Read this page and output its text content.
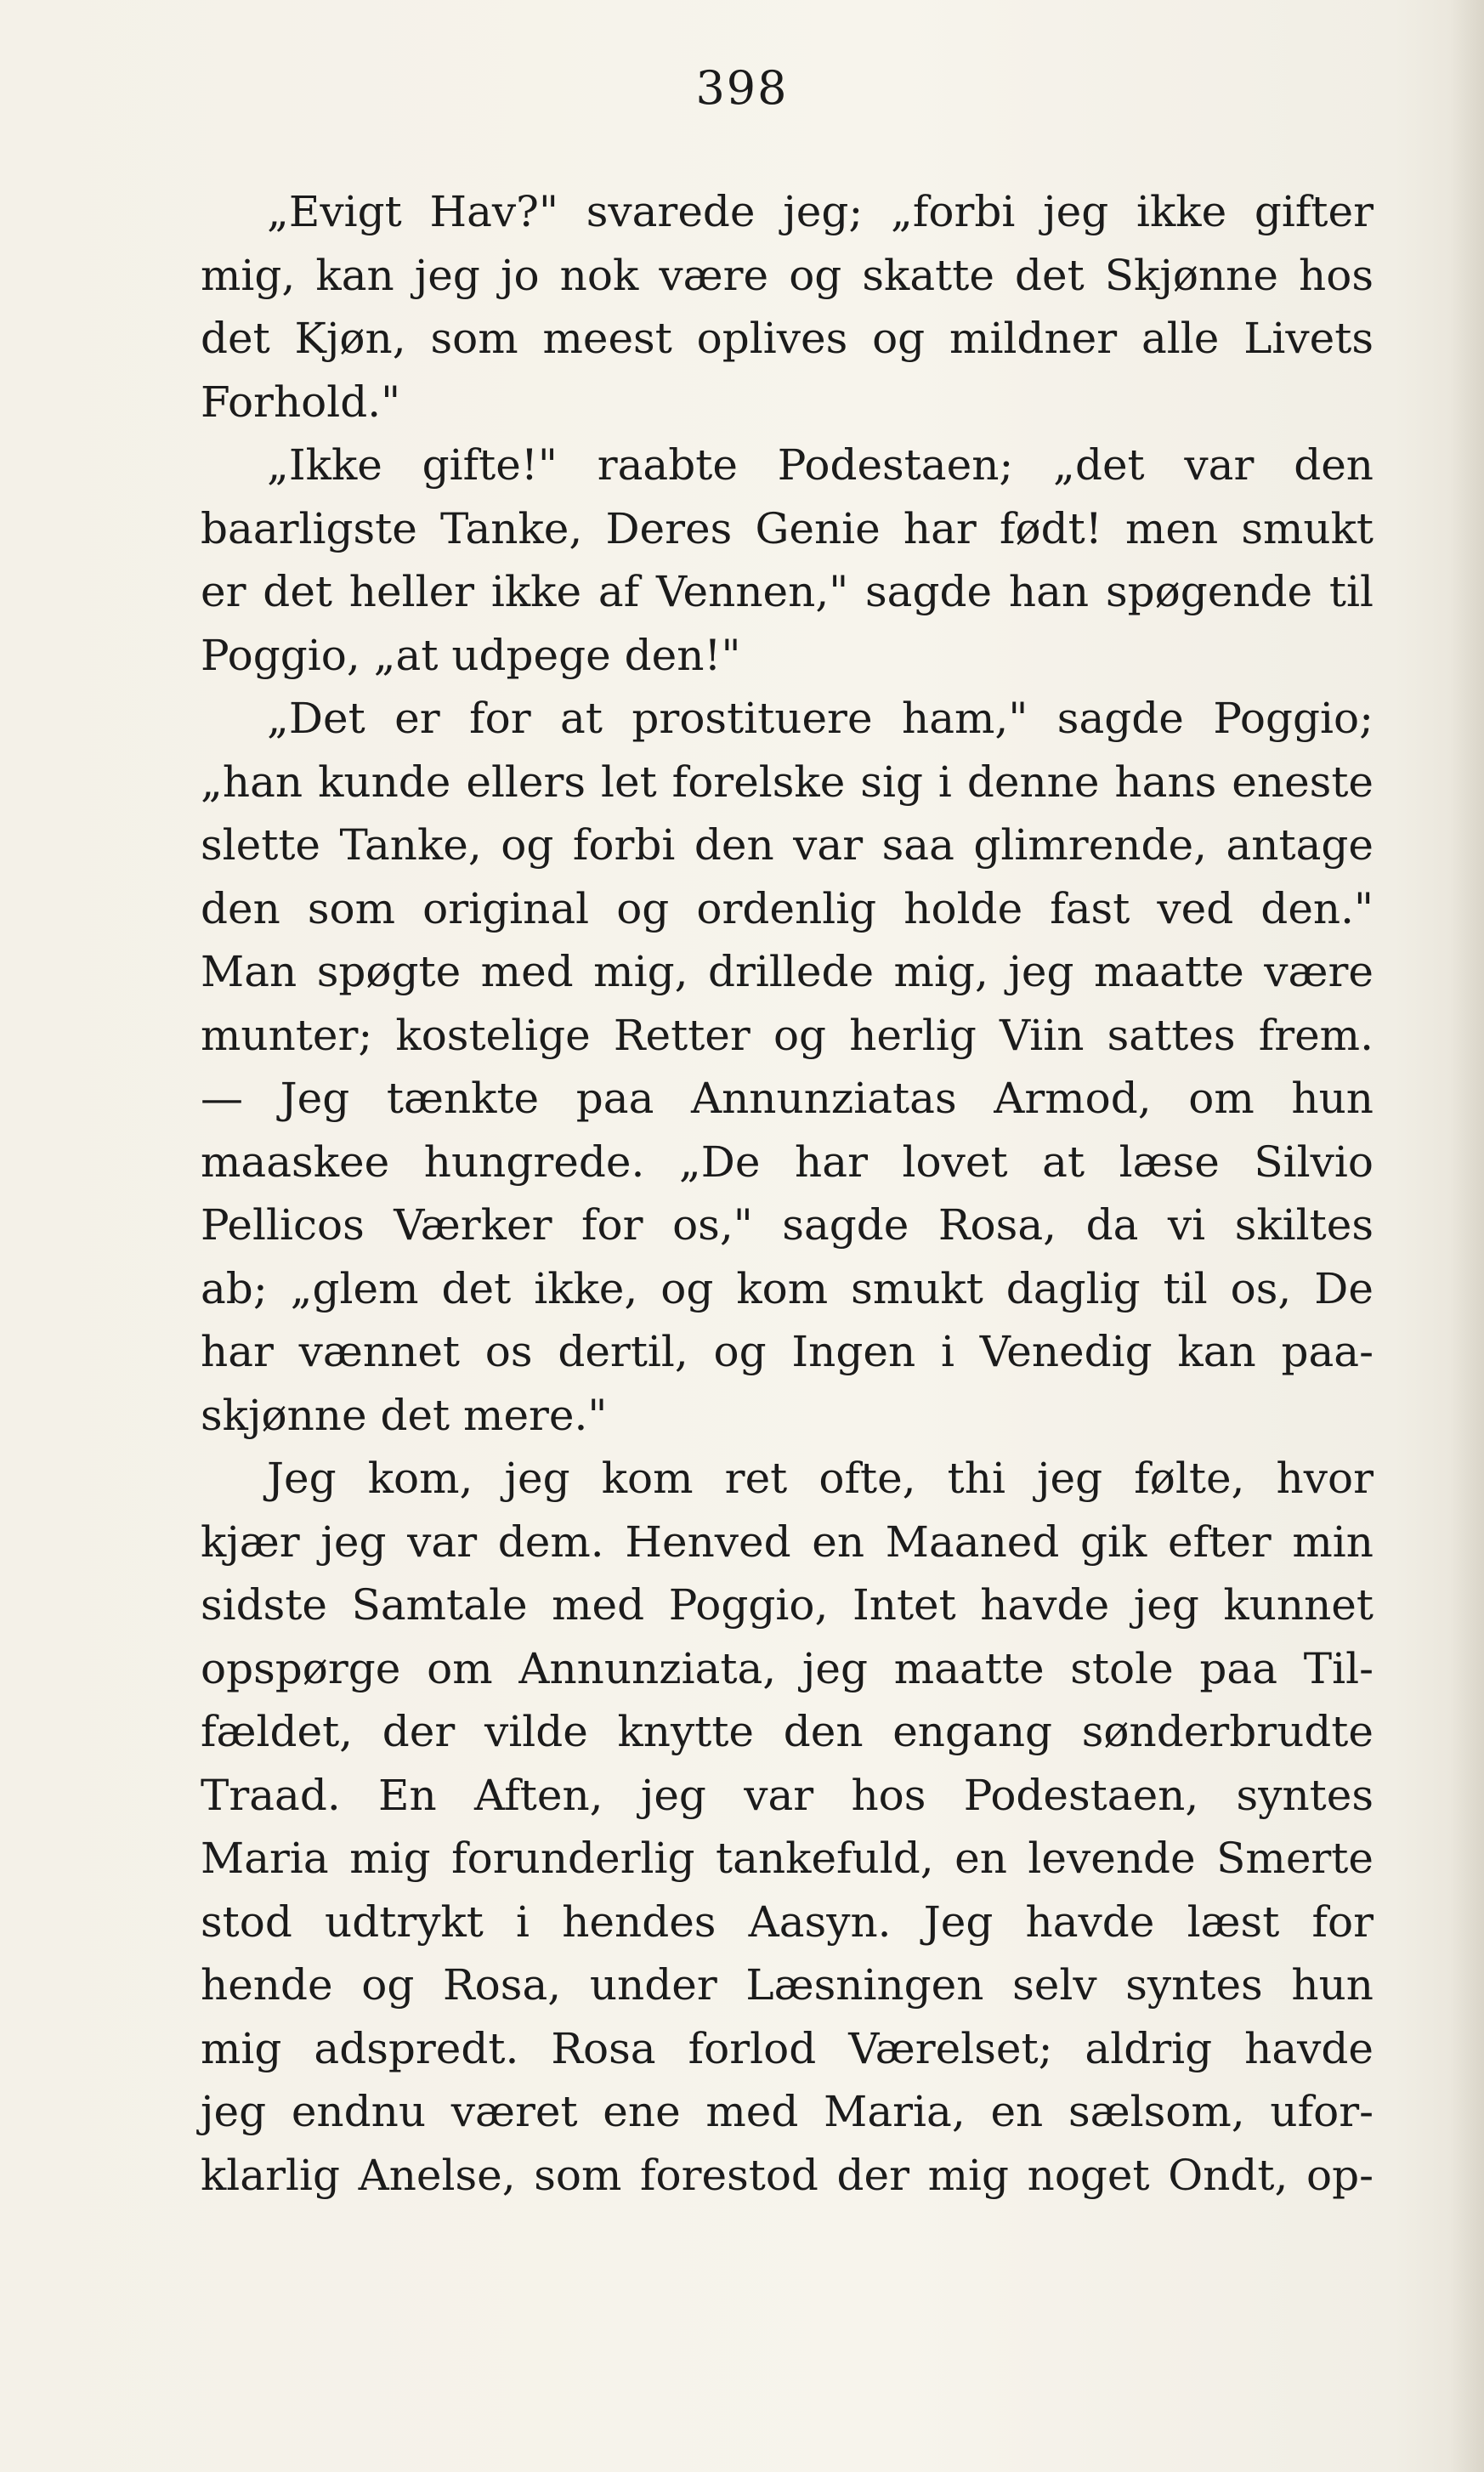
398
„Evigt Hav?" svarede jeg; „forbi jeg ikke gifter
mig, kan jeg jo nok være og skatte det Skjønne hos
det Kjøn, som meest oplives og mildner alle Livets
Forhold."
„Ikke gifte!" raabte Podestaen; „det var den
baarligste Tanke, Deres Genie har født! men smukt
er det heller ikke af Vennen," sagde han spøgende til
Poggio, „at udpege den!"
„Det er for at prostituere ham," sagde Poggio;
„han kunde ellers let forelske sig i denne hans eneste
slette Tanke, og forbi den var saa glimrende, antage
den som original og ordenlig holde fast ved den."
Man spøgte med mig, drillede mig, jeg maatte være
munter; kostelige Retter og herlig Viin sattes frem.
— Jeg tænkte paa Annunziatas Armod, om hun
maaskee hungrede. „De har lovet at læse Silvio
Pellicos Værker for os," sagde Rosa, da vi skiltes
ab; „glem det ikke, og kom smukt daglig til os, De
har vænnet os dertil, og Ingen i Venedig kan paa-
skjønne det mere."
Jeg kom, jeg kom ret ofte, thi jeg følte, hvor
kjær jeg var dem. Henved en Maaned gik efter min
sidste Samtale med Poggio, Intet havde jeg kunnet
opspørge om Annunziata, jeg maatte stole paa Til-
fældet, der vilde knytte den engang sønderbrudte
Traad. En Aften, jeg var hos Podestaen, syntes
Maria mig forunderlig tankefuld, en levende Smerte
stod udtrykt i hendes Aasyn. Jeg havde læst for
hende og Rosa, under Læsningen selv syntes hun
mig adspredt. Rosa forlod Værelset; aldrig havde
jeg endnu været ene med Maria, en sælsom, ufor-
klarlig Anelse, som forestod der mig noget Ondt, op-
